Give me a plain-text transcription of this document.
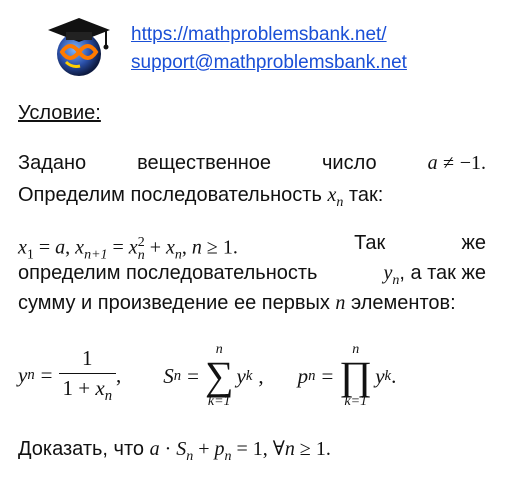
https://mathproblemsbank.net/
support@mathproblemsbank.net
Условие:
Задано	вещественное	число	a ≠ −1.
Определим последовательность $x_n$ так:
$x_1 = a$, $x_{n+1} = x_n^2 + x_n$, n ≥ 1.	Так	же
определим последовательность	$y_n$, а так же
сумму и произведение ее первых n элементов:
y $n = \frac{1}{1 + x_n}$ , S n =
n
∑
k=1
y k , p n =
n
∏
k=1
y k .
Доказать, что $a \cdot S_n + p_n = 1$, ∀n ≥ 1.
